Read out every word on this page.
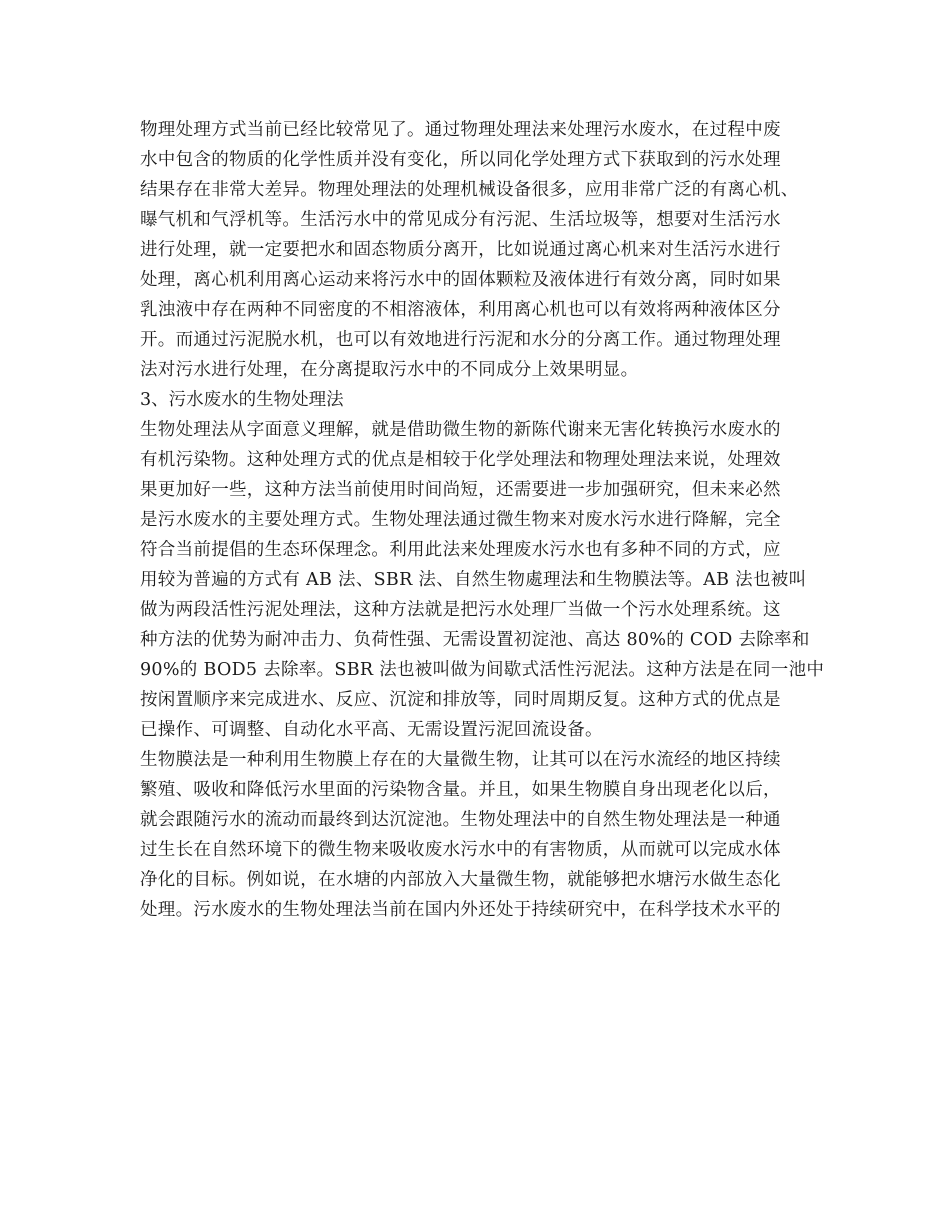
物理处理方式当前已经比较常见了。通过物理处理法来处理污水废水，在过程中废
水中包含的物质的化学性质并没有变化，所以同化学处理方式下获取到的污水处理
结果存在非常大差异。物理处理法的处理机械设备很多，应用非常广泛的有离心机、
曝气机和气浮机等。生活污水中的常见成分有污泥、生活垃圾等，想要对生活污水
进行处理，就一定要把水和固态物质分离开，比如说通过离心机来对生活污水进行
处理，离心机利用离心运动来将污水中的固体颗粒及液体进行有效分离，同时如果
乳浊液中存在两种不同密度的不相溶液体，利用离心机也可以有效将两种液体区分
开。而通过污泥脱水机，也可以有效地进行污泥和水分的分离工作。通过物理处理
法对污水进行处理，在分离提取污水中的不同成分上效果明显。
3、污水废水的生物处理法
生物处理法从字面意义理解，就是借助微生物的新陈代谢来无害化转换污水废水的
有机污染物。这种处理方式的优点是相较于化学处理法和物理处理法来说，处理效
果更加好一些，这种方法当前使用时间尚短，还需要进一步加强研究，但未来必然
是污水废水的主要处理方式。生物处理法通过微生物来对废水污水进行降解，完全
符合当前提倡的生态环保理念。利用此法来处理废水污水也有多种不同的方式，应
用较为普遍的方式有 AB 法、SBR 法、自然生物處理法和生物膜法等。AB 法也被叫
做为两段活性污泥处理法，这种方法就是把污水处理厂当做一个污水处理系统。这
种方法的优势为耐冲击力、负荷性强、无需设置初淀池、高达 80%的 COD 去除率和
90%的 BOD5 去除率。SBR 法也被叫做为间歇式活性污泥法。这种方法是在同一池中
按闲置顺序来完成进水、反应、沉淀和排放等，同时周期反复。这种方式的优点是
已操作、可调整、自动化水平高、无需设置污泥回流设备。
生物膜法是一种利用生物膜上存在的大量微生物，让其可以在污水流经的地区持续
繁殖、吸收和降低污水里面的污染物含量。并且，如果生物膜自身出现老化以后，
就会跟随污水的流动而最终到达沉淀池。生物处理法中的自然生物处理法是一种通
过生长在自然环境下的微生物来吸收废水污水中的有害物质，从而就可以完成水体
净化的目标。例如说，在水塘的内部放入大量微生物，就能够把水塘污水做生态化
处理。污水废水的生物处理法当前在国内外还处于持续研究中，在科学技术水平的
